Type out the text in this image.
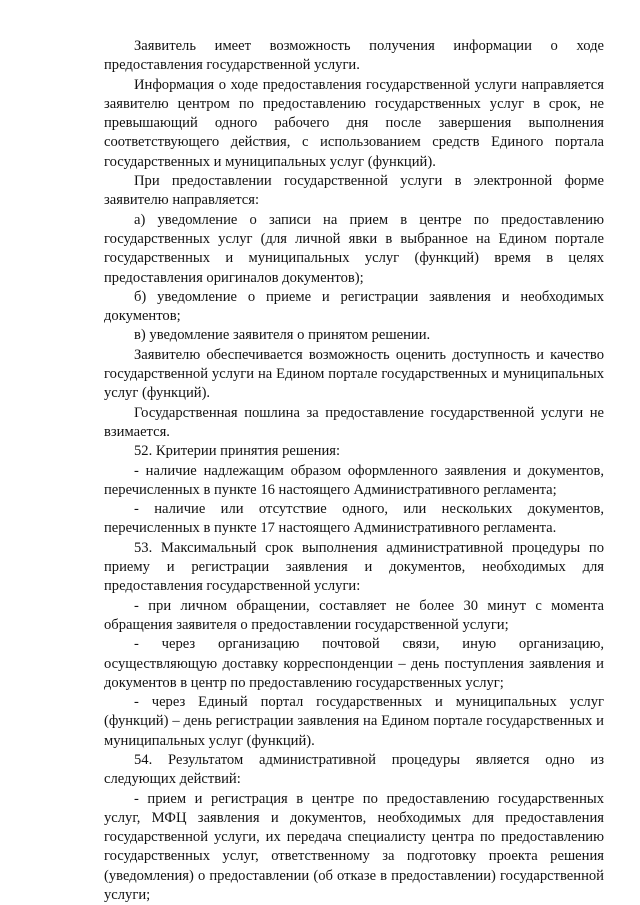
Заявитель имеет возможность получения информации о ходе предоставления государственной услуги.

Информация о ходе предоставления государственной услуги направляется заявителю центром по предоставлению государственных услуг в срок, не превышающий одного рабочего дня после завершения выполнения соответствующего действия, с использованием средств Единого портала государственных и муниципальных услуг (функций).

При предоставлении государственной услуги в электронной форме заявителю направляется:

а) уведомление о записи на прием в центре по предоставлению государственных услуг (для личной явки в выбранное на Едином портале государственных и муниципальных услуг (функций) время в целях предоставления оригиналов документов);

б) уведомление о приеме и регистрации заявления и необходимых документов;

в) уведомление заявителя о принятом решении.

Заявителю обеспечивается возможность оценить доступность и качество государственной услуги на Едином портале государственных и муниципальных услуг (функций).

Государственная пошлина за предоставление государственной услуги не взимается.

52. Критерии принятия решения:

- наличие надлежащим образом оформленного заявления и документов, перечисленных в пункте 16 настоящего Административного регламента;

- наличие или отсутствие одного, или нескольких документов, перечисленных в пункте 17 настоящего Административного регламента.

53. Максимальный срок выполнения административной процедуры по приему и регистрации заявления и документов, необходимых для предоставления государственной услуги:

- при личном обращении, составляет не более 30 минут с момента обращения заявителя о предоставлении государственной услуги;

- через организацию почтовой связи, иную организацию, осуществляющую доставку корреспонденции – день поступления заявления и документов в центр по предоставлению государственных услуг;

- через Единый портал государственных и муниципальных услуг (функций) – день регистрации заявления на Едином портале государственных и муниципальных услуг (функций).

54. Результатом административной процедуры является одно из следующих действий:

- прием и регистрация в центре по предоставлению государственных услуг, МФЦ заявления и документов, необходимых для предоставления государственной услуги, их передача специалисту центра по предоставлению государственных услуг, ответственному за подготовку проекта решения (уведомления) о предоставлении (об отказе в предоставлении) государственной услуги;
